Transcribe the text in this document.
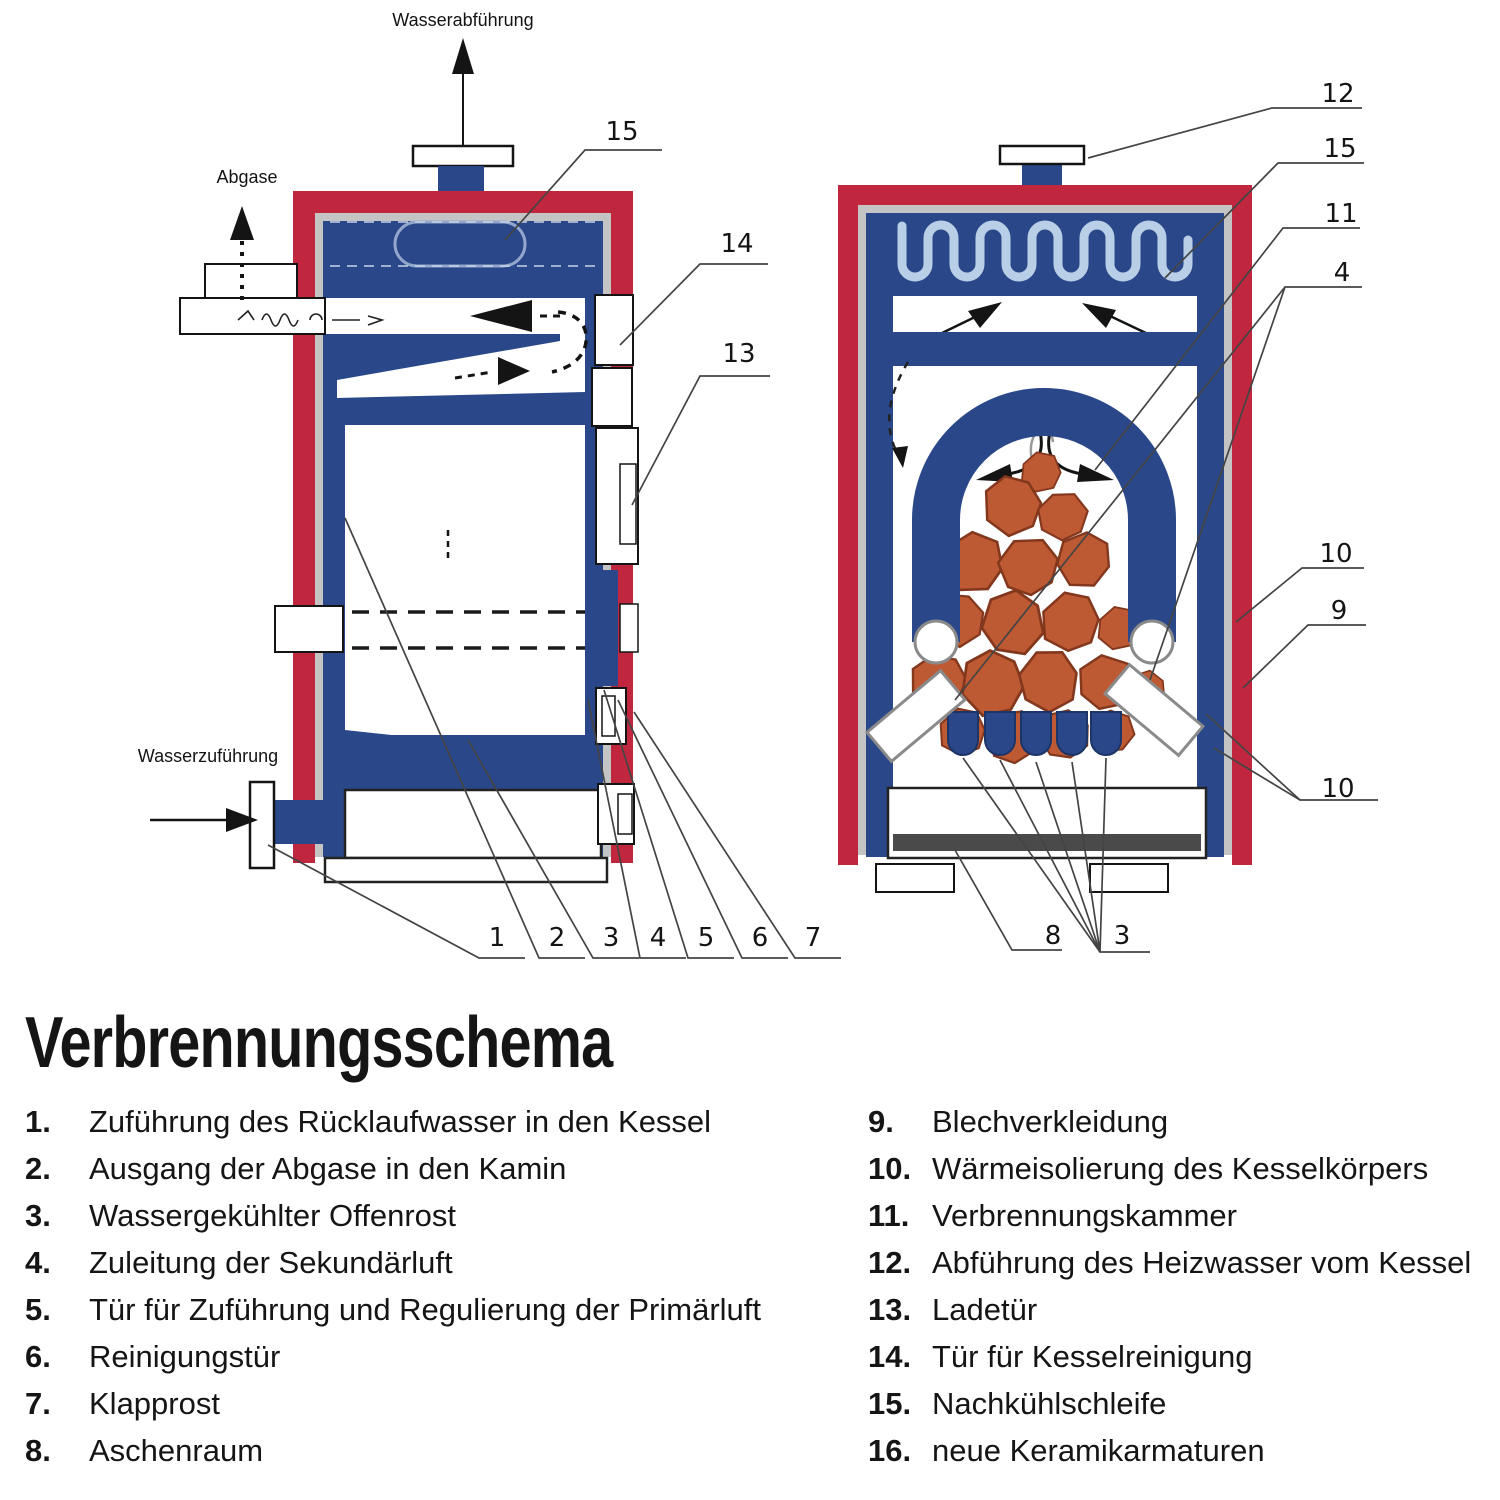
Wasserabführung
Abgase
Wasserzuführung
15
14
13
1 2 3 4 5 6 7
12
15
11
4
10
9
10
8 3
Verbrennungsschema
1.	Zuführung des Rücklaufwasser in den Kessel
2.	Ausgang der Abgase in den Kamin
3.	Wassergekühlter Offenrost
4.	Zuleitung der Sekundärluft
5.	Tür für Zuführung und Regulierung der Primärluft
6.	Reinigungstür
7.	Klapprost
8.	Aschenraum
9.	Blechverkleidung
10. Wärmeisolierung des Kesselkörpers
11. Verbrennungskammer
12. Abführung des Heizwasser vom Kessel
13. Ladetür
14. Tür für Kesselreinigung
15. Nachkühlschleife
16. neue Keramikarmaturen
